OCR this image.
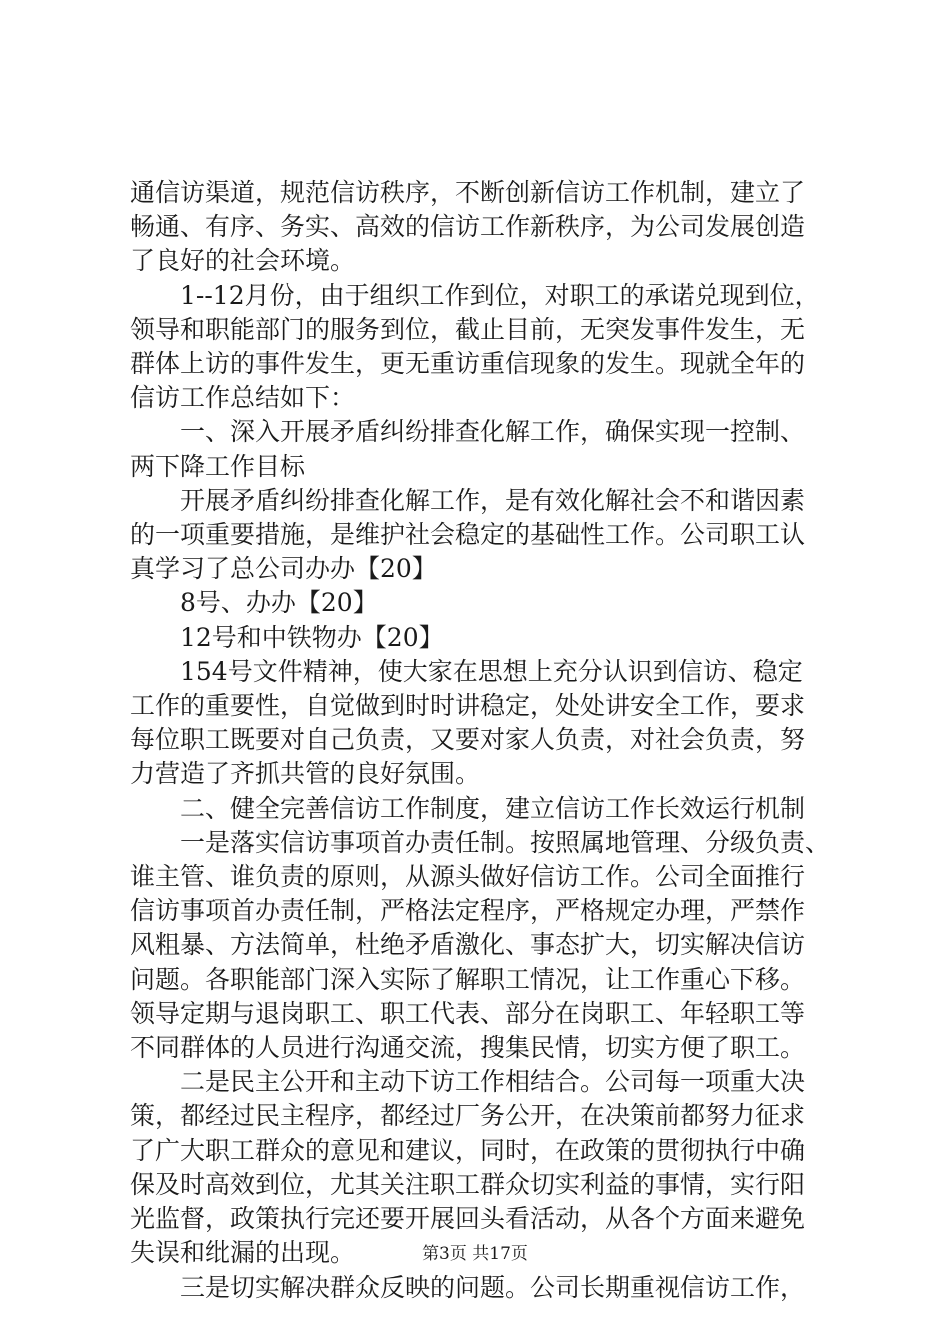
通信访渠道，规范信访秩序，不断创新信访工作机制，建立了

畅通、有序、务实、高效的信访工作新秩序，为公司发展创造

了良好的社会环境。

1--12月份，由于组织工作到位，对职工的承诺兑现到位，

领导和职能部门的服务到位，截止目前，无突发事件发生，无

群体上访的事件发生，更无重访重信现象的发生。现就全年的

信访工作总结如下：

一、深入开展矛盾纠纷排查化解工作，确保实现一控制、

两下降工作目标

开展矛盾纠纷排查化解工作，是有效化解社会不和谐因素

的一项重要措施，是维护社会稳定的基础性工作。公司职工认

真学习了总公司办办【20】

8号、办办【20】

12号和中铁物办【20】

154号文件精神，使大家在思想上充分认识到信访、稳定

工作的重要性，自觉做到时时讲稳定，处处讲安全工作，要求

每位职工既要对自己负责，又要对家人负责，对社会负责，努

力营造了齐抓共管的良好氛围。

二、健全完善信访工作制度，建立信访工作长效运行机制

一是落实信访事项首办责任制。按照属地管理、分级负责、

谁主管、谁负责的原则，从源头做好信访工作。公司全面推行

信访事项首办责任制，严格法定程序，严格规定办理，严禁作

风粗暴、方法简单，杜绝矛盾激化、事态扩大，切实解决信访

问题。各职能部门深入实际了解职工情况，让工作重心下移。

领导定期与退岗职工、职工代表、部分在岗职工、年轻职工等

不同群体的人员进行沟通交流，搜集民情，切实方便了职工。

二是民主公开和主动下访工作相结合。公司每一项重大决

策，都经过民主程序，都经过厂务公开，在决策前都努力征求

了广大职工群众的意见和建议，同时，在政策的贯彻执行中确

保及时高效到位，尤其关注职工群众切实利益的事情，实行阳

光监督，政策执行完还要开展回头看活动，从各个方面来避免

失误和纰漏的出现。

三是切实解决群众反映的问题。公司长期重视信访工作，

第3页 共17页
